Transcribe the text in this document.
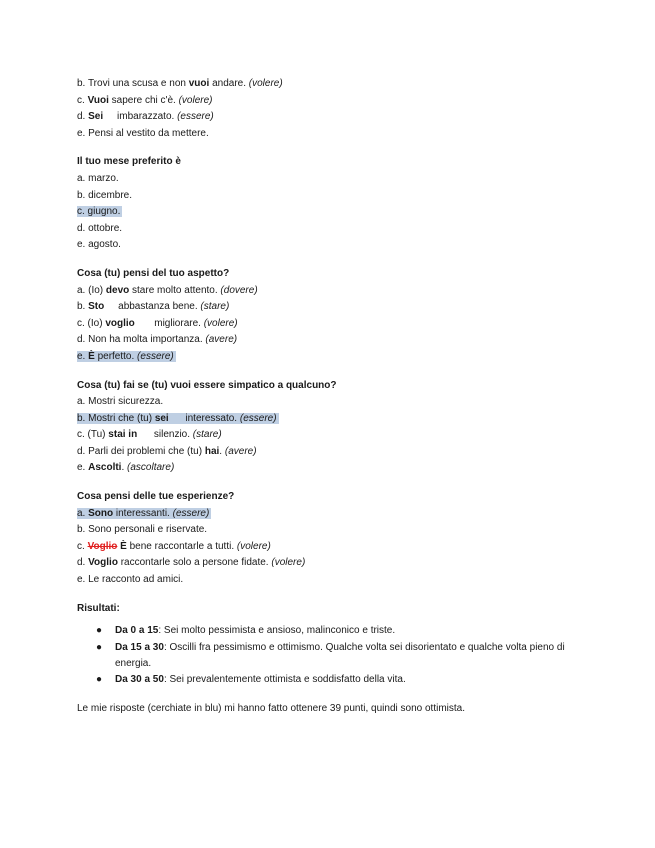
b. Trovi una scusa e non vuoi andare. (volere)
c. Vuoi sapere chi c'è. (volere)
d. Sei     imbarazzato. (essere)
e. Pensi al vestito da mettere.
Il tuo mese preferito è
a. marzo.
b. dicembre.
c. giugno.
d. ottobre.
e. agosto.
Cosa (tu) pensi del tuo aspetto?
a. (Io) devo stare molto attento. (dovere)
b. Sto     abbastanza bene. (stare)
c. (Io) voglio       migliorare. (volere)
d. Non ha molta importanza. (avere)
e. È perfetto. (essere)
Cosa (tu) fai se (tu) vuoi essere simpatico a qualcuno?
a. Mostri sicurezza.
b. Mostri che (tu) sei      interessato. (essere)
c. (Tu) stai in      silenzio. (stare)
d. Parli dei problemi che (tu) hai. (avere)
e. Ascolti. (ascoltare)
Cosa pensi delle tue esperienze?
a. Sono interessanti. (essere)
b. Sono personali e riservate.
c. Voglio È bene raccontarle a tutti. (volere)
d. Voglio raccontarle solo a persone fidate. (volere)
e. Le racconto ad amici.
Risultati:
● Da 0 a 15: Sei molto pessimista e ansioso, malinconico e triste.
● Da 15 a 30: Oscilli fra pessimismo e ottimismo. Qualche volta sei disorientato e qualche volta pieno di energia.
● Da 30 a 50: Sei prevalentemente ottimista e soddisfatto della vita.
Le mie risposte (cerchiate in blu) mi hanno fatto ottenere 39 punti, quindi sono ottimista.
